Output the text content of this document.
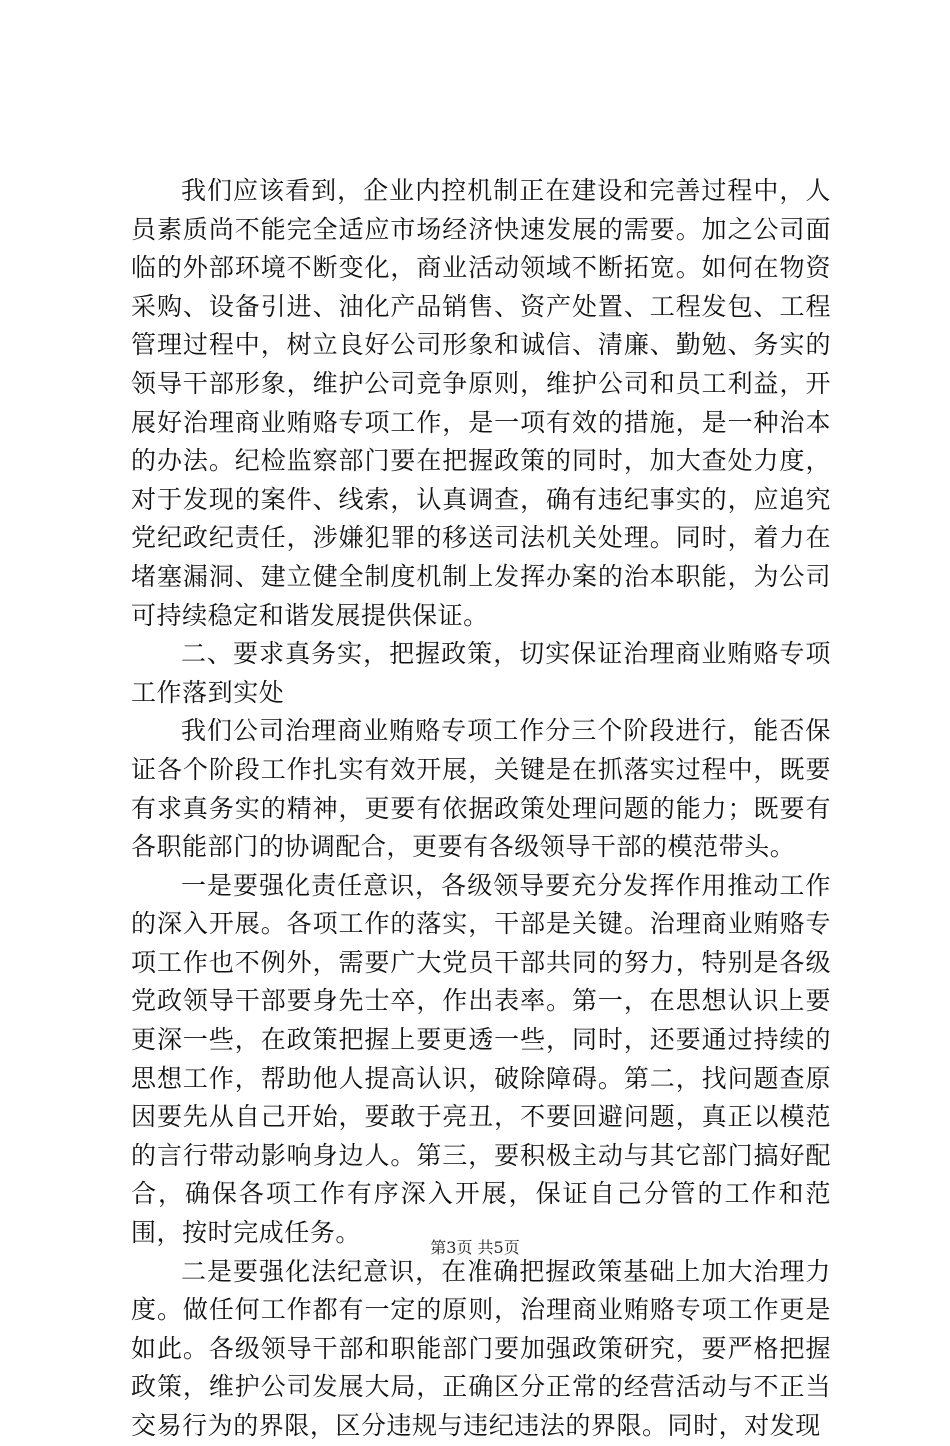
我们应该看到，企业内控机制正在建设和完善过程中，人员素质尚不能完全适应市场经济快速发展的需要。加之公司面临的外部环境不断变化，商业活动领域不断拓宽。如何在物资采购、设备引进、油化产品销售、资产处置、工程发包、工程管理过程中，树立良好公司形象和诚信、清廉、勤勉、务实的领导干部形象，维护公司竞争原则，维护公司和员工利益，开展好治理商业贿赂专项工作，是一项有效的措施，是一种治本的办法。纪检监察部门要在把握政策的同时，加大查处力度，对于发现的案件、线索，认真调查，确有违纪事实的，应追究党纪政纪责任，涉嫌犯罪的移送司法机关处理。同时，着力在堵塞漏洞、建立健全制度机制上发挥办案的治本职能，为公司可持续稳定和谐发展提供保证。

二、要求真务实，把握政策，切实保证治理商业贿赂专项工作落到实处

我们公司治理商业贿赂专项工作分三个阶段进行，能否保证各个阶段工作扎实有效开展，关键是在抓落实过程中，既要有求真务实的精神，更要有依据政策处理问题的能力；既要有各职能部门的协调配合，更要有各级领导干部的模范带头。

一是要强化责任意识，各级领导要充分发挥作用推动工作的深入开展。各项工作的落实，干部是关键。治理商业贿赂专项工作也不例外，需要广大党员干部共同的努力，特别是各级党政领导干部要身先士卒，作出表率。第一，在思想认识上要更深一些，在政策把握上要更透一些，同时，还要通过持续的思想工作，帮助他人提高认识，破除障碍。第二，找问题查原因要先从自己开始，要敢于亮丑，不要回避问题，真正以模范的言行带动影响身边人。第三，要积极主动与其它部门搞好配合，确保各项工作有序深入开展，保证自己分管的工作和范围，按时完成任务。

二是要强化法纪意识，在准确把握政策基础上加大治理力度。做任何工作都有一定的原则，治理商业贿赂专项工作更是如此。各级领导干部和职能部门要加强政策研究，要严格把握政策，维护公司发展大局，正确区分正常的经营活动与不正当交易行为的界限，区分违规与违纪违法的界限。同时，对发现

第3页 共5页
